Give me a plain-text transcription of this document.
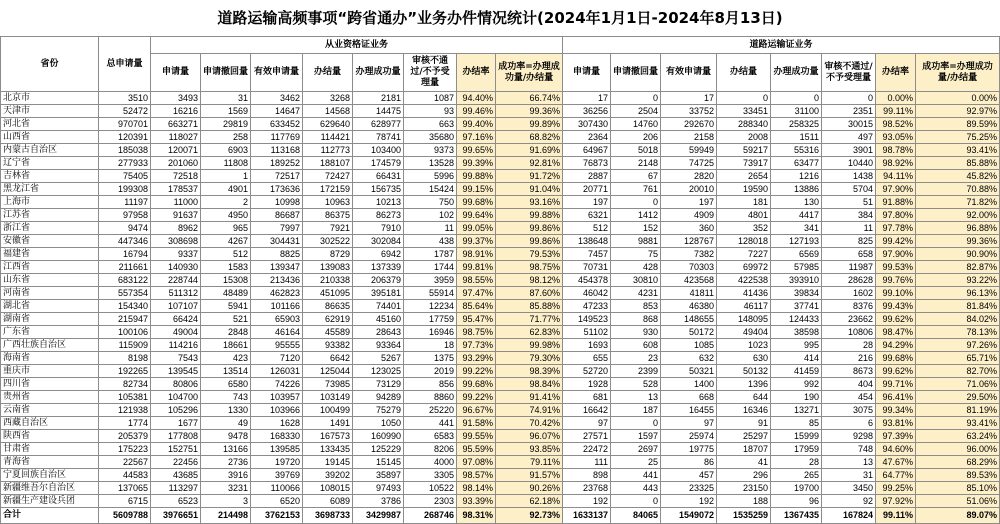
道路运输高频事项“跨省通办”业务办件情况统计(2024年1月1日-2024年8月13日)
省份	总申请量	从业资格证业务								道路运输证业务							
		申请量	申请撤回量	有效申请量	办结量	办理成功量	审核不通过/不予受理量	办结率	成功率=办理成功量/办结量	申请量	申请撤回量	有效申请量	办结量	办理成功量	审核不通过/不予受理量	办结率	成功率=办理成功量/办结量
北京市	3510	3493	31	3462	3268	2181	1087	94.40%	66.74%	17	0	17	0	0	0	0.00%	0.00%
天津市	52472	16216	1569	14647	14568	14475	93	99.46%	99.36%	36256	2504	33752	33451	31100	2351	99.11%	92.97%
河北省	970701	663271	29819	633452	629640	628977	663	99.40%	99.89%	307430	14760	292670	288340	258325	30015	98.52%	89.59%
山西省	120391	118027	258	117769	114421	78741	35680	97.16%	68.82%	2364	206	2158	2008	1511	497	93.05%	75.25%
内蒙古自治区	185038	120071	6903	113168	112773	103400	9373	99.65%	91.69%	64967	5018	59949	59217	55316	3901	98.78%	93.41%
辽宁省	277933	201060	11808	189252	188107	174579	13528	99.39%	92.81%	76873	2148	74725	73917	63477	10440	98.92%	85.88%
吉林省	75405	72518	1	72517	72427	66431	5996	99.88%	91.72%	2887	67	2820	2654	1216	1438	94.11%	45.82%
黑龙江省	199308	178537	4901	173636	172159	156735	15424	99.15%	91.04%	20771	761	20010	19590	13886	5704	97.90%	70.88%
上海市	11197	11000	2	10998	10963	10213	750	99.68%	93.16%	197	0	197	181	130	51	91.88%	71.82%
江苏省	97958	91637	4950	86687	86375	86273	102	99.64%	99.88%	6321	1412	4909	4801	4417	384	97.80%	92.00%
浙江省	9474	8962	965	7997	7921	7910	11	99.05%	99.86%	512	152	360	352	341	11	97.78%	96.88%
安徽省	447346	308698	4267	304431	302522	302084	438	99.37%	99.86%	138648	9881	128767	128018	127193	825	99.42%	99.36%
福建省	16794	9337	512	8825	8729	6942	1787	98.91%	79.53%	7457	75	7382	7227	6569	658	97.90%	90.90%
江西省	211661	140930	1583	139347	139083	137339	1744	99.81%	98.75%	70731	428	70303	69972	57985	11987	99.53%	82.87%
山东省	683122	228744	15308	213436	210338	206379	3959	98.55%	98.12%	454378	30810	423568	422538	393910	28628	99.76%	93.22%
河南省	557354	511312	48489	462823	451095	395181	55914	97.47%	87.60%	46042	4231	41811	41436	39834	1602	99.10%	96.13%
湖北省	154340	107107	5941	101166	86635	74401	12234	85.64%	85.88%	47233	853	46380	46117	37741	8376	99.43%	81.84%
湖南省	215947	66424	521	65903	62919	45160	17759	95.47%	71.77%	149523	868	148655	148095	124433	23662	99.62%	84.02%
广东省	100106	49004	2848	46164	45589	28643	16946	98.75%	62.83%	51102	930	50172	49404	38598	10806	98.47%	78.13%
广西壮族自治区	115909	114216	18661	95555	93382	93364	18	97.73%	99.98%	1693	608	1085	1023	995	28	94.29%	97.26%
海南省	8198	7543	423	7120	6642	5267	1375	93.29%	79.30%	655	23	632	630	414	216	99.68%	65.71%
重庆市	192265	139545	13514	126031	125044	123025	2019	99.22%	98.39%	52720	2399	50321	50132	41459	8673	99.62%	82.70%
四川省	82734	80806	6580	74226	73985	73129	856	99.68%	98.84%	1928	528	1400	1396	992	404	99.71%	71.06%
贵州省	105381	104700	743	103957	103149	94289	8860	99.22%	91.41%	681	13	668	644	190	454	96.41%	29.50%
云南省	121938	105296	1330	103966	100499	75279	25220	96.67%	74.91%	16642	187	16455	16346	13271	3075	99.34%	81.19%
西藏自治区	1774	1677	49	1628	1491	1050	441	91.58%	70.42%	97	0	97	91	85	6	93.81%	93.41%
陕西省	205379	177808	9478	168330	167573	160990	6583	99.55%	96.07%	27571	1597	25974	25297	15999	9298	97.39%	63.24%
甘肃省	175223	152751	13166	139585	133435	125229	8206	95.59%	93.85%	22472	2697	19775	18707	17959	748	94.60%	96.00%
青海省	22567	22456	2736	19720	19145	15145	4000	97.08%	79.11%	111	25	86	41	28	13	47.67%	68.29%
宁夏回族自治区	44583	43685	3916	39769	39202	35897	3305	98.57%	91.57%	898	441	457	296	265	31	64.77%	89.53%
新疆维吾尔自治区	137065	113297	3231	110066	108015	97493	10522	98.14%	90.26%	23768	443	23325	23150	19700	3450	99.25%	85.10%
新疆生产建设兵团	6715	6523	3	6520	6089	3786	2303	93.39%	62.18%	192	0	192	188	96	92	97.92%	51.06%
合计	5609788	3976651	214498	3762153	3698733	3429987	268746	98.31%	92.73%	1633137	84065	1549072	1535259	1367435	167824	99.11%	89.07%
